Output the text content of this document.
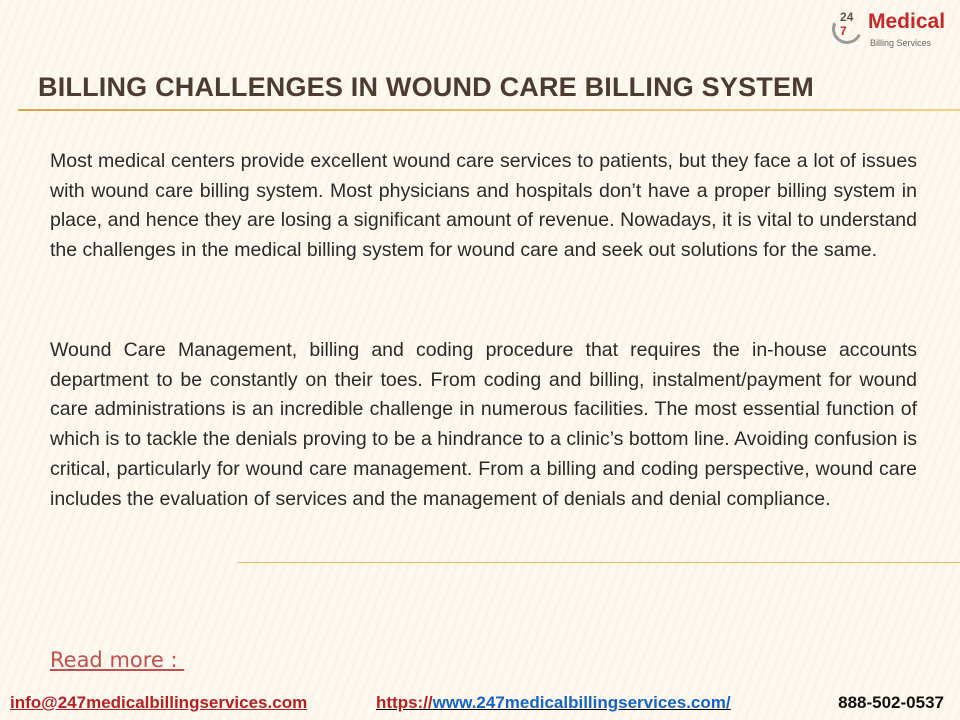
24
7	Medical
Billing Services
BILLING CHALLENGES IN WOUND CARE BILLING SYSTEM

Most medical centers provide excellent wound care services to patients, but they face a lot of issues with wound care billing system. Most physicians and hospitals don’t have a proper billing system in place, and hence they are losing a significant amount of revenue. Nowadays, it is vital to understand the challenges in the medical billing system for wound care and seek out solutions for the same.

Wound Care Management, billing and coding procedure that requires the in-house accounts department to be constantly on their toes. From coding and billing, instalment/payment for wound care administrations is an incredible challenge in numerous facilities. The most essential function of which is to tackle the denials proving to be a hindrance to a clinic’s bottom line. Avoiding confusion is critical, particularly for wound care management. From a billing and coding perspective, wound care includes the evaluation of services and the management of denials and denial compliance.

Read more :
info@247medicalbillingservices.com	https://www.247medicalbillingservices.com/	888-502-0537
